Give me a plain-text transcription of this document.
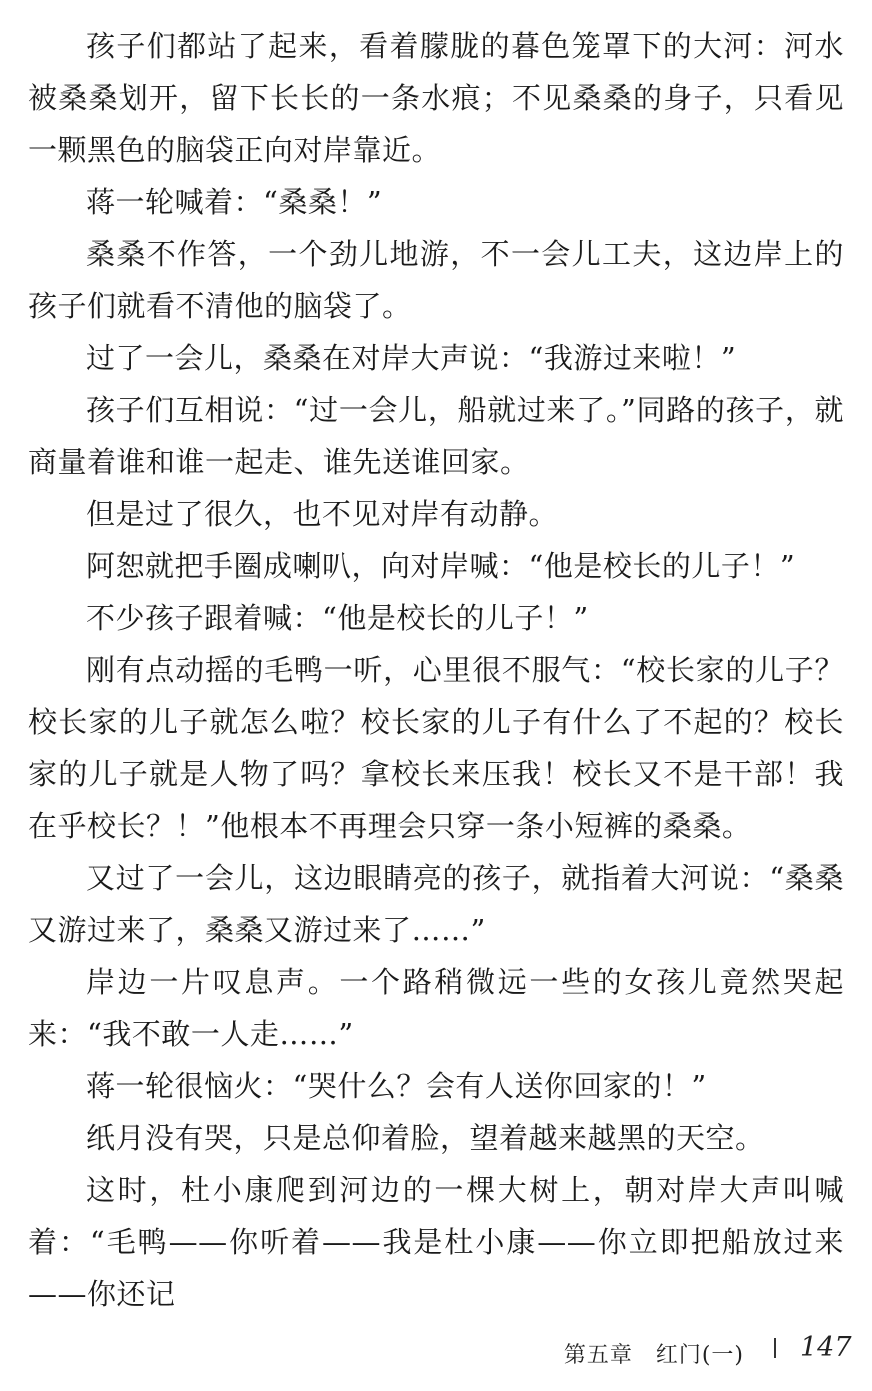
孩子们都站了起来，看着朦胧的暮色笼罩下的大河：河水被桑桑划开，留下长长的一条水痕；不见桑桑的身子，只看见一颗黑色的脑袋正向对岸靠近。

蒋一轮喊着：“桑桑！”

桑桑不作答，一个劲儿地游，不一会儿工夫，这边岸上的孩子们就看不清他的脑袋了。

过了一会儿，桑桑在对岸大声说：“我游过来啦！”

孩子们互相说：“过一会儿，船就过来了。”同路的孩子，就商量着谁和谁一起走、谁先送谁回家。

但是过了很久，也不见对岸有动静。

阿恕就把手圈成喇叭，向对岸喊：“他是校长的儿子！”

不少孩子跟着喊：“他是校长的儿子！”

刚有点动摇的毛鸭一听，心里很不服气：“校长家的儿子？校长家的儿子就怎么啦？校长家的儿子有什么了不起的？校长家的儿子就是人物了吗？拿校长来压我！校长又不是干部！我在乎校长？！”他根本不再理会只穿一条小短裤的桑桑。

又过了一会儿，这边眼睛亮的孩子，就指着大河说：“桑桑又游过来了，桑桑又游过来了……”

岸边一片叹息声。一个路稍微远一些的女孩儿竟然哭起来：“我不敢一人走……”

蒋一轮很恼火：“哭什么？会有人送你回家的！”

纸月没有哭，只是总仰着脸，望着越来越黑的天空。

这时，杜小康爬到河边的一棵大树上，朝对岸大声叫喊着：“毛鸭——你听着——我是杜小康——你立即把船放过来——你还记

第五章　红门(一) 147
